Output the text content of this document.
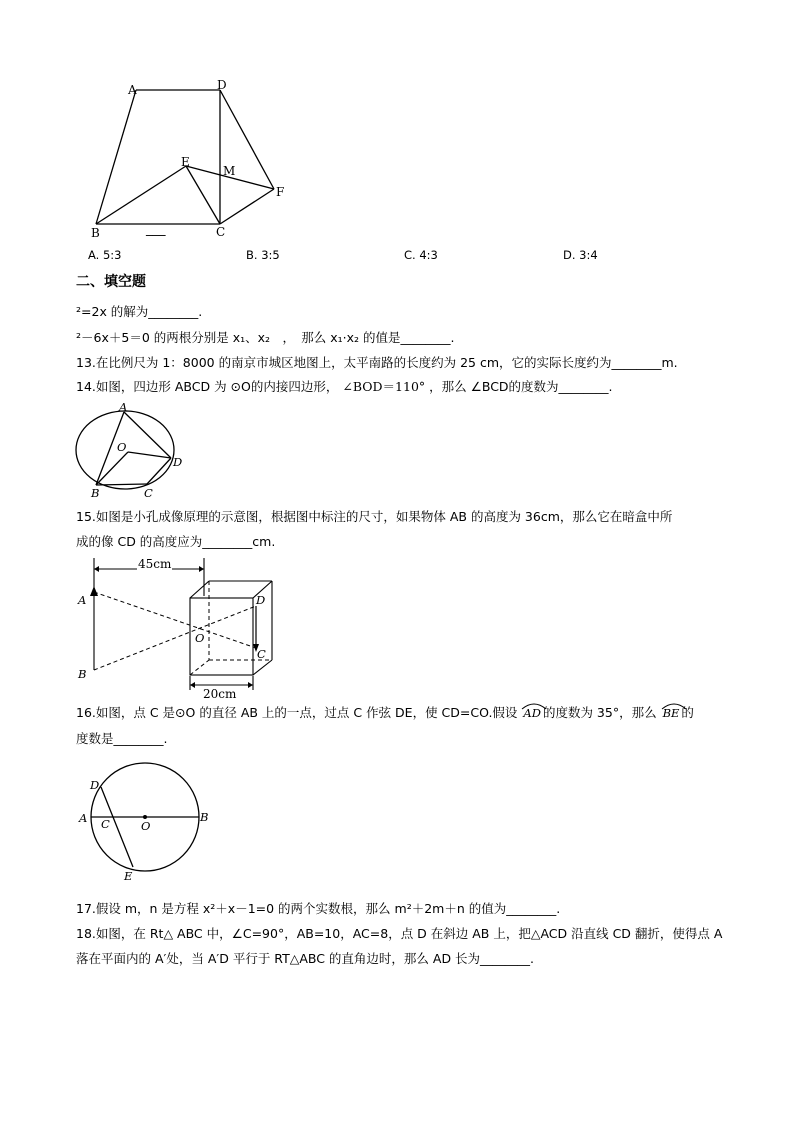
A	D
E
M
F
B	C
___
A. 5:3	B. 3:5	C. 4:3	D. 3:4
二、填空题
²=2x 的解为________.
²－6x＋5＝0 的两根分别是 x₁、x₂　，　那么 x₁·x₂ 的值是________.
13.在比例尺为 1：8000 的南京市城区地图上，太平南路的长度约为 25 cm，它的实际长度约为________m.
14.如图，四边形 ABCD 为 ⊙O的内接四边形， ∠BOD＝110° ，那么 ∠BCD的度数为________.
A
O
D
B	C
15.如图是小孔成像原理的示意图，根据图中标注的尺寸，如果物体 AB 的高度为 36cm，那么它在暗盒中所
成的像 CD 的高度应为________cm.
45cm
20cm
A
B
O
D
C
16.如图，点 C 是⊙O 的直径 AB 上的一点，过点 C 作弦 DE，使 CD=CO.假设 AD 的度数为 35°，那么 BE 的
度数是________.
D
A C	O
B
E
17.假设 m，n 是方程 x²＋x－1=0 的两个实数根，那么 m²＋2m＋n 的值为________.
18.如图，在 Rt△ ABC 中，∠C=90°，AB=10，AC=8，点 D 在斜边 AB 上，把△ACD 沿直线 CD 翻折，使得点 A
落在平面内的 A′处，当 A′D 平行于 RT△ABC 的直角边时，那么 AD 长为________.
